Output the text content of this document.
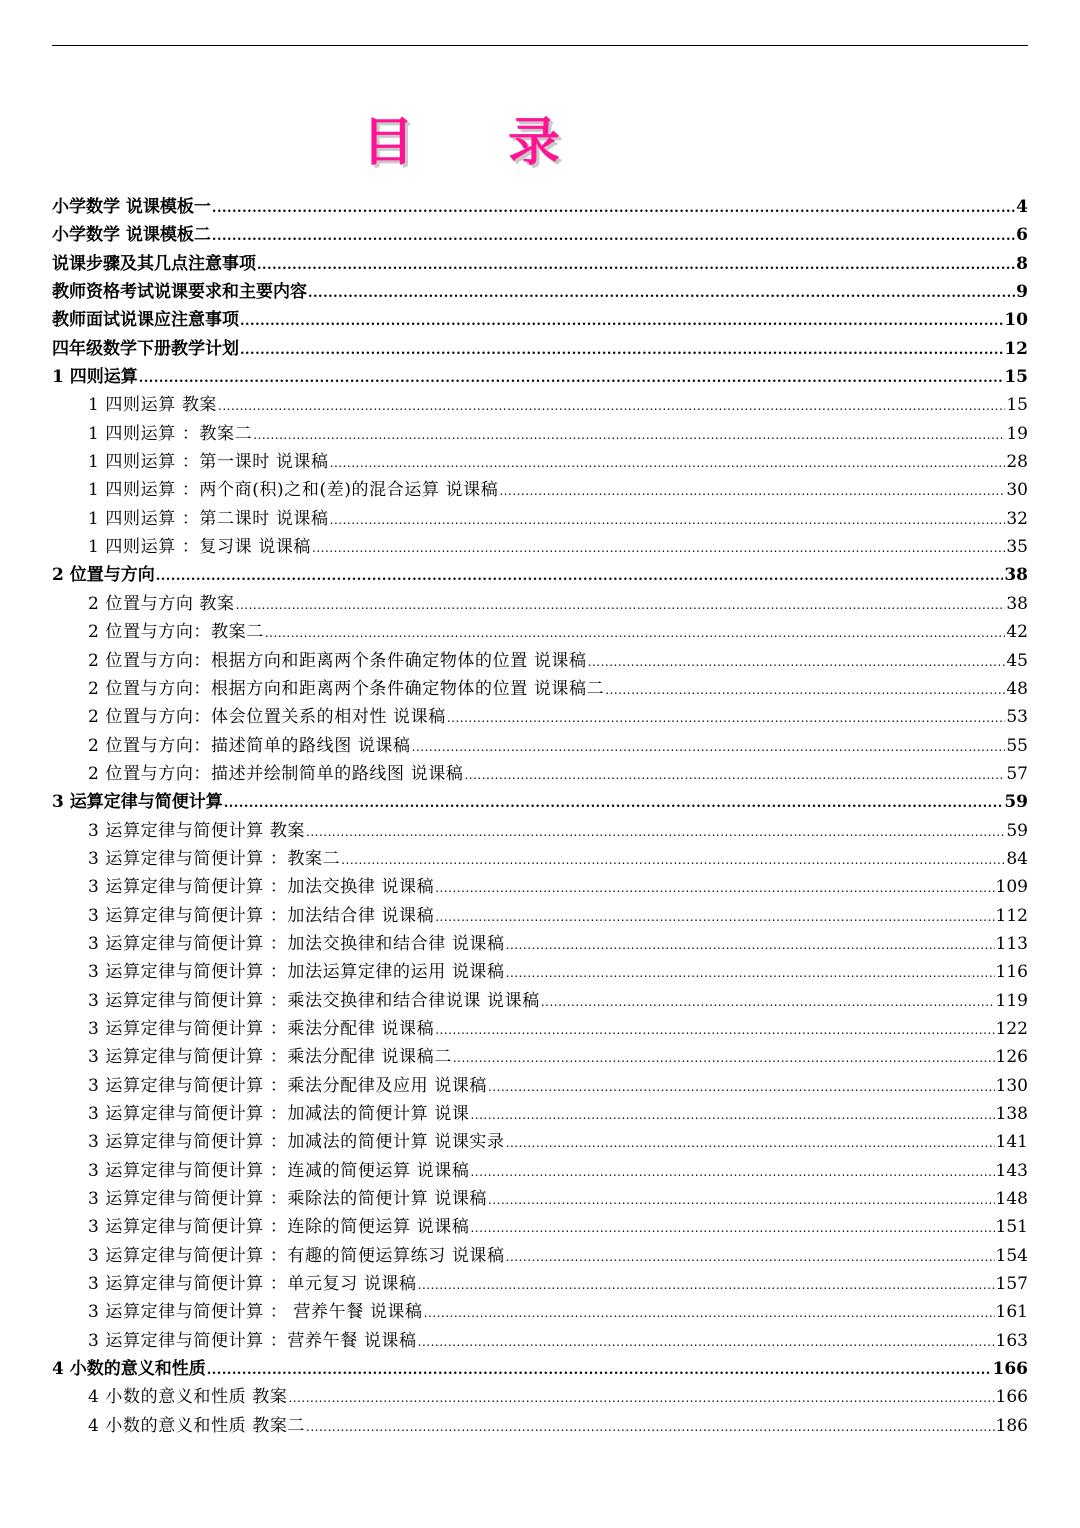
目 录
小学数学 说课模板一 .....	4
小学数学 说课模板二 .....	6
说课步骤及其几点注意事项 .....	8
教师资格考试说课要求和主要内容 .....	9
教师面试说课应注意事项 .....	10
四年级数学下册教学计划 .....	12
1 四则运算 .....	15
1 四则运算 教案 .....	15
1 四则运算 ：教案二 .....	19
1 四则运算 ：第一课时 说课稿 .....	28
1 四则运算 ：两个商(积)之和(差)的混合运算 说课稿 .....	30
1 四则运算 ：第二课时 说课稿 .....	32
1 四则运算 ：复习课 说课稿 .....	35
2 位置与方向 .....	38
2 位置与方向 教案 .....	38
2 位置与方向：教案二 .....	42
2 位置与方向：根据方向和距离两个条件确定物体的位置 说课稿 .....	45
2 位置与方向：根据方向和距离两个条件确定物体的位置 说课稿二 .....	48
2 位置与方向：体会位置关系的相对性 说课稿 .....	53
2 位置与方向：描述简单的路线图 说课稿 .....	55
2 位置与方向：描述并绘制简单的路线图 说课稿 .....	57
3 运算定律与简便计算 .....	59
3 运算定律与简便计算 教案 .....	59
3 运算定律与简便计算 ：教案二 .....	84
3 运算定律与简便计算 ：加法交换律 说课稿 .....	109
3 运算定律与简便计算 ：加法结合律 说课稿 .....	112
3 运算定律与简便计算 ：加法交换律和结合律 说课稿 .....	113
3 运算定律与简便计算 ：加法运算定律的运用 说课稿 .....	116
3 运算定律与简便计算 ：乘法交换律和结合律说课 说课稿 .....	119
3 运算定律与简便计算 ：乘法分配律 说课稿 .....	122
3 运算定律与简便计算 ：乘法分配律 说课稿二 .....	126
3 运算定律与简便计算 ：乘法分配律及应用 说课稿 .....	130
3 运算定律与简便计算 ：加减法的简便计算 说课 .....	138
3 运算定律与简便计算 ：加减法的简便计算 说课实录 .....	141
3 运算定律与简便计算 ：连减的简便运算 说课稿 .....	143
3 运算定律与简便计算 ：乘除法的简便计算 说课稿 .....	148
3 运算定律与简便计算 ：连除的简便运算 说课稿 .....	151
3 运算定律与简便计算 ：有趣的简便运算练习 说课稿 .....	154
3 运算定律与简便计算 ：单元复习 说课稿 .....	157
3 运算定律与简便计算 ： 营养午餐 说课稿 .....	161
3 运算定律与简便计算 ：营养午餐 说课稿 .....	163
4 小数的意义和性质 .....	166
4 小数的意义和性质 教案 .....	166
4 小数的意义和性质 教案二 .....	186
